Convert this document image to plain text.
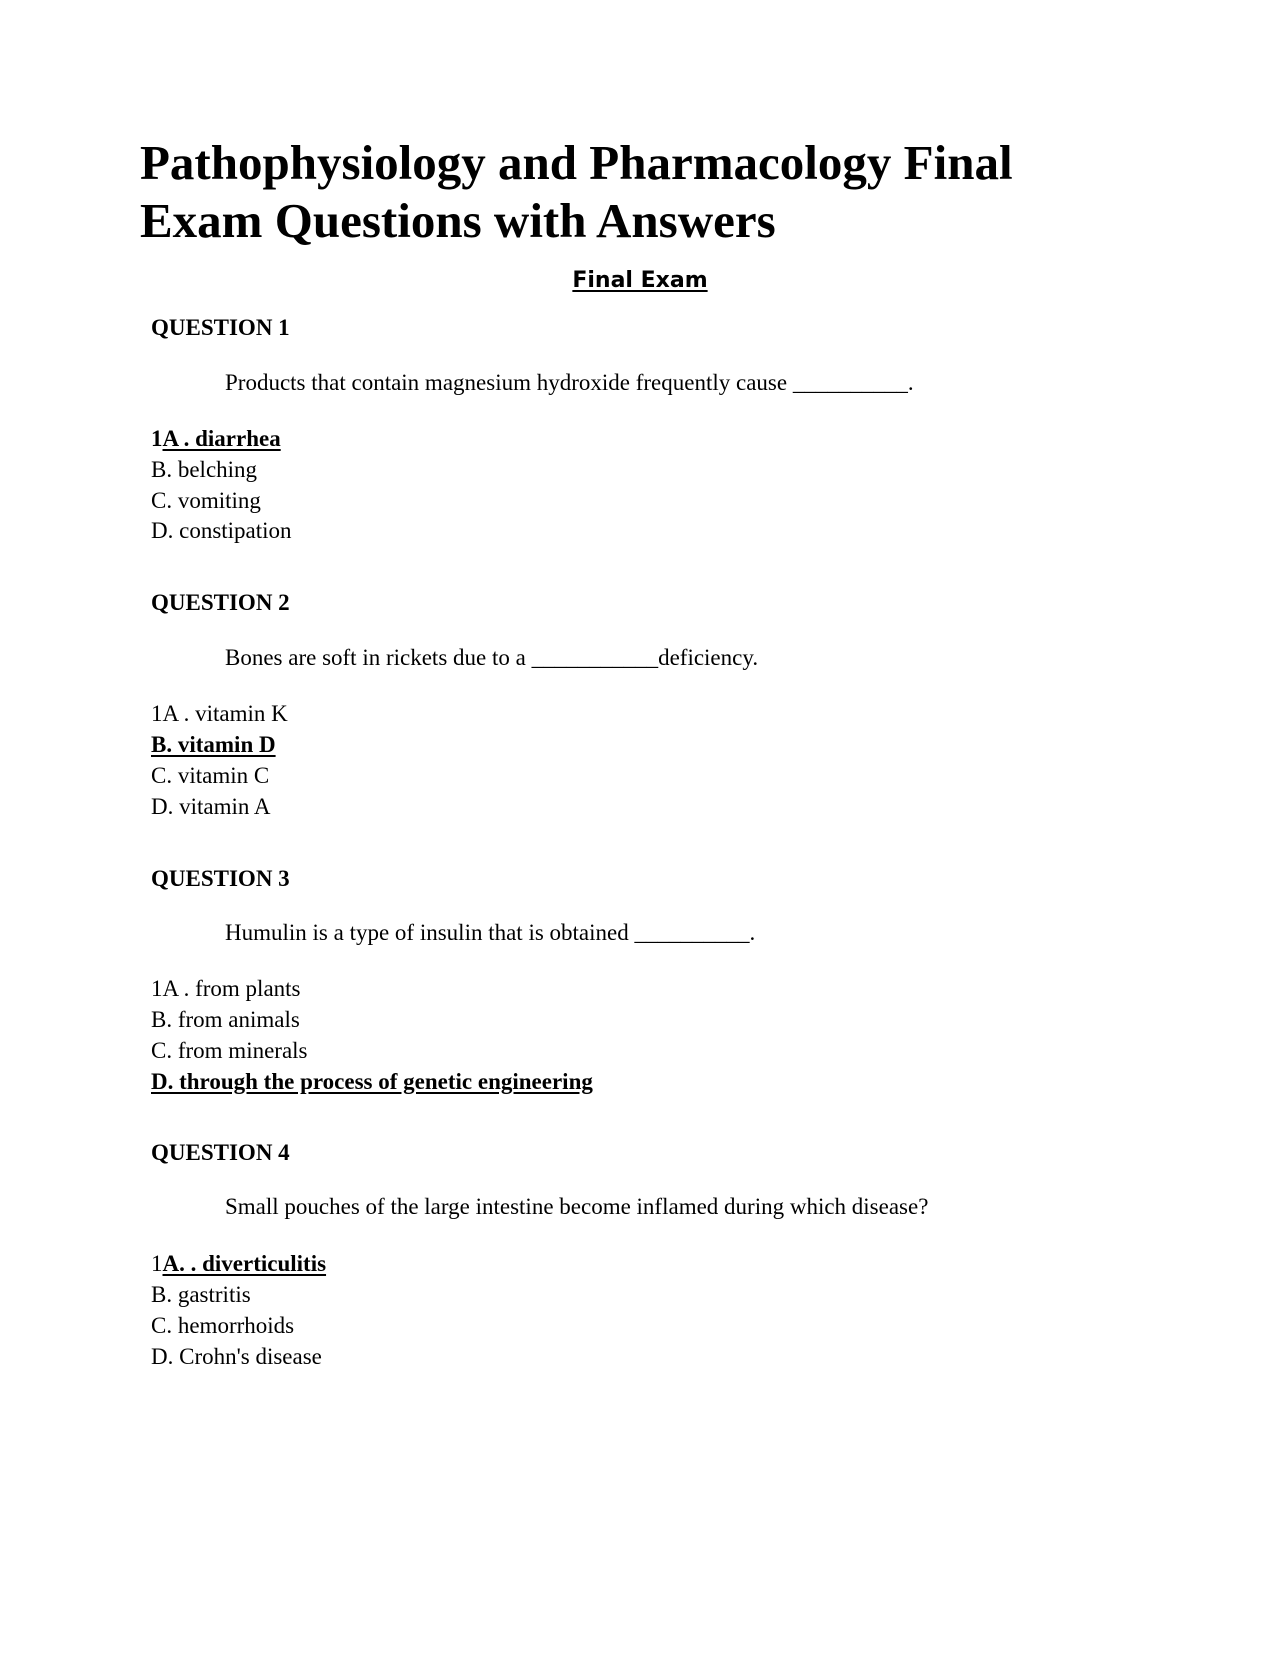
Pathophysiology and Pharmacology Final Exam Questions with Answers
Final Exam
QUESTION 1
Products that contain magnesium hydroxide frequently cause __________.
1A . diarrhea
B. belching
C. vomiting
D. constipation
QUESTION 2
Bones are soft in rickets due to a ___________deficiency.
1A . vitamin K
B. vitamin D
C. vitamin C
D. vitamin A
QUESTION 3
Humulin is a type of insulin that is obtained __________.
1A . from plants
B. from animals
C. from minerals
D. through the process of genetic engineering
QUESTION 4
Small pouches of the large intestine become inflamed during which disease?
1A. . diverticulitis
B. gastritis
C. hemorrhoids
D. Crohn's disease
